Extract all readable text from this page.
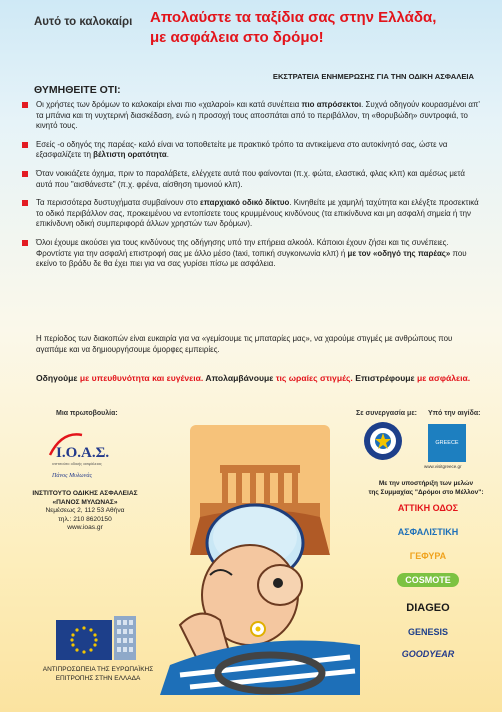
Αυτό το καλοκαίρι Απολαύστε τα ταξίδια σας στην Ελλάδα,
με ασφάλεια στο δρόμο!
ΕΚΣΤΡΑΤΕΙΑ ΕΝΗΜΕΡΩΣΗΣ ΓΙΑ ΤΗΝ ΟΔΙΚΗ ΑΣΦΑΛΕΙΑ
ΘΥΜΗΘΕΙΤΕ ΟΤΙ:
Οι χρήστες των δρόμων το καλοκαίρι είναι πιο «χαλαροί» και κατά συνέπεια πιο απρόσεκτοι. Συχνά οδηγούν κουρασμένοι απ' τα μπάνια και τη νυχτερινή διασκέδαση, ενώ η προσοχή τους αποσπάται από το περιβάλλον, τη «θορυβώδη» συντροφιά, το κινητό τους.
Εσείς -ο οδηγός της παρέας- καλό είναι να τοποθετείτε με πρακτικό τρόπο τα αντικείμενα στο αυτοκίνητό σας, ώστε να εξασφαλίζετε τη βέλτιστη ορατότητα.
Όταν νοικιάζετε όχημα, πριν το παραλάβετε, ελέγχετε αυτά που φαίνονται (π.χ. φώτα, ελαστικά, φλας κλπ) και αμέσως μετά αυτά που "αισθάνεστε" (π.χ. φρένα, αίσθηση τιμονιού κλπ).
Τα περισσότερα δυστυχήματα συμβαίνουν στο επαρχιακό οδικό δίκτυο. Κινηθείτε με χαμηλή ταχύτητα και ελέγξτε προσεκτικά το οδικό περιβάλλον σας, προκειμένου να εντοπίσετε τους κρυμμένους κινδύνους (τα επικίνδυνα και μη ασφαλή σημεία ή την επικίνδυνη οδική συμπεριφορά άλλων χρηστών των δρόμων).
Όλοι έχουμε ακούσει για τους κινδύνους της οδήγησης υπό την επήρεια αλκοόλ. Κάποιοι έχουν ζήσει και τις συνέπειες. Φροντίστε για την ασφαλή επιστροφή σας με άλλο μέσο (taxi, τοπική συγκοινωνία κλπ) ή με τον «οδηγό της παρέας» που εκείνο το βράδυ δε θα έχει πιει για να σας γυρίσει πίσω με ασφάλεια.
Η περίοδος των διακοπών είναι ευκαιρία για να «γεμίσουμε τις μπαταρίες μας», να χαρούμε στιγμές με ανθρώπους που αγαπάμε και να δημιουργήσουμε όμορφες εμπειρίες.
Οδηγούμε με υπευθυνότητα και ευγένεια. Απολαμβάνουμε τις ωραίες στιγμές. Επιστρέφουμε με ασφάλεια.
Μια πρωτοβουλία:	Σε συνεργασία με: Υπό την αιγίδα:
Ι.Ο.Α.Σ.
ινστιτούτο οδικής ασφάλειας
Πάνος Μυλωνάς
ΙΝΣΤΙΤΟΥΤΟ ΟΔΙΚΗΣ ΑΣΦΑΛΕΙΑΣ
«ΠΑΝΟΣ ΜΥΛΩΝΑΣ»
Νεμέσεως 2, 112 53 Αθήνα
τηλ.: 210 8620150
www.ioas.gr
GREECE
www.visitgreece.gr
Με την υποστήριξη των μελών
της Συμμαχίας "Δρόμοι στο Μέλλον":
ΑΤΤΙΚΗ ΟΔΟΣ
ΑΣΦΑΛΙΣΤΙΚΗ
ΓΕΦΥΡΑ
COSMOTE
DIAGEO
GENESIS
GOODYEAR
ΑΝΤΙΠΡΟΣΩΠΕΙΑ ΤΗΣ ΕΥΡΩΠΑΪΚΗΣ
ΕΠΙΤΡΟΠΗΣ ΣΤΗΝ ΕΛΛΑΔΑ
